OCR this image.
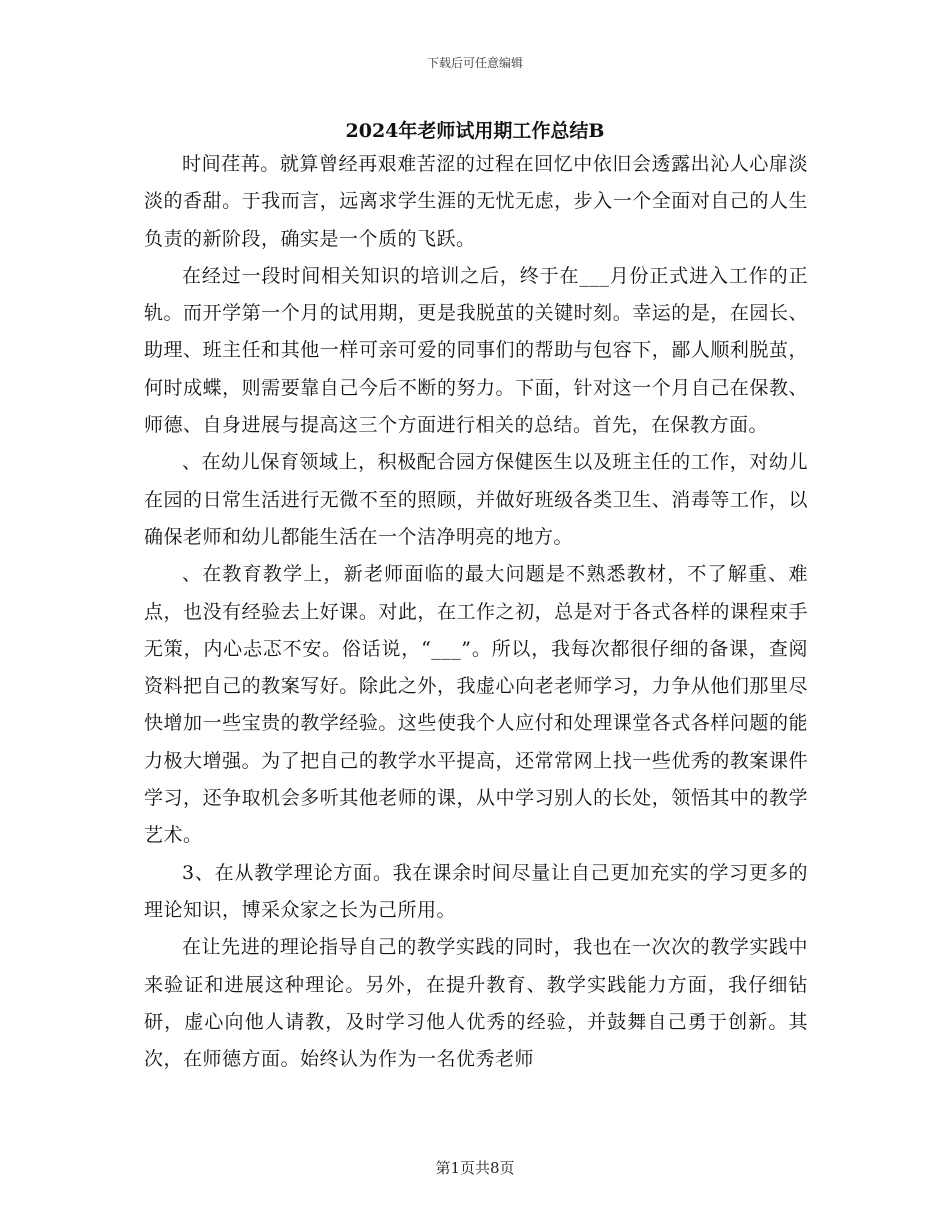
下载后可任意编辑
2024年老师试用期工作总结B

时间荏苒。就算曾经再艰难苦涩的过程在回忆中依旧会透露出沁人心扉淡淡的香甜。于我而言，远离求学生涯的无忧无虑，步入一个全面对自己的人生负责的新阶段，确实是一个质的飞跃。

在经过一段时间相关知识的培训之后，终于在___月份正式进入工作的正轨。而开学第一个月的试用期，更是我脱茧的关键时刻。幸运的是，在园长、助理、班主任和其他一样可亲可爱的同事们的帮助与包容下，鄙人顺利脱茧，何时成蝶，则需要靠自己今后不断的努力。下面，针对这一个月自己在保教、师德、自身进展与提高这三个方面进行相关的总结。首先，在保教方面。

、在幼儿保育领域上，积极配合园方保健医生以及班主任的工作，对幼儿在园的日常生活进行无微不至的照顾，并做好班级各类卫生、消毒等工作，以确保老师和幼儿都能生活在一个洁净明亮的地方。

、在教育教学上，新老师面临的最大问题是不熟悉教材，不了解重、难点，也没有经验去上好课。对此，在工作之初，总是对于各式各样的课程束手无策，内心忐忑不安。俗话说，“___”。所以，我每次都很仔细的备课，查阅资料把自己的教案写好。除此之外，我虚心向老老师学习，力争从他们那里尽快增加一些宝贵的教学经验。这些使我个人应付和处理课堂各式各样问题的能力极大增强。为了把自己的教学水平提高，还常常网上找一些优秀的教案课件学习，还争取机会多听其他老师的课，从中学习别人的长处，领悟其中的教学艺术。

3、在从教学理论方面。我在课余时间尽量让自己更加充实的学习更多的理论知识，博采众家之长为己所用。

在让先进的理论指导自己的教学实践的同时，我也在一次次的教学实践中来验证和进展这种理论。另外，在提升教育、教学实践能力方面，我仔细钻研，虚心向他人请教，及时学习他人优秀的经验，并鼓舞自己勇于创新。其次，在师德方面。始终认为作为一名优秀老师

第1页共8页
